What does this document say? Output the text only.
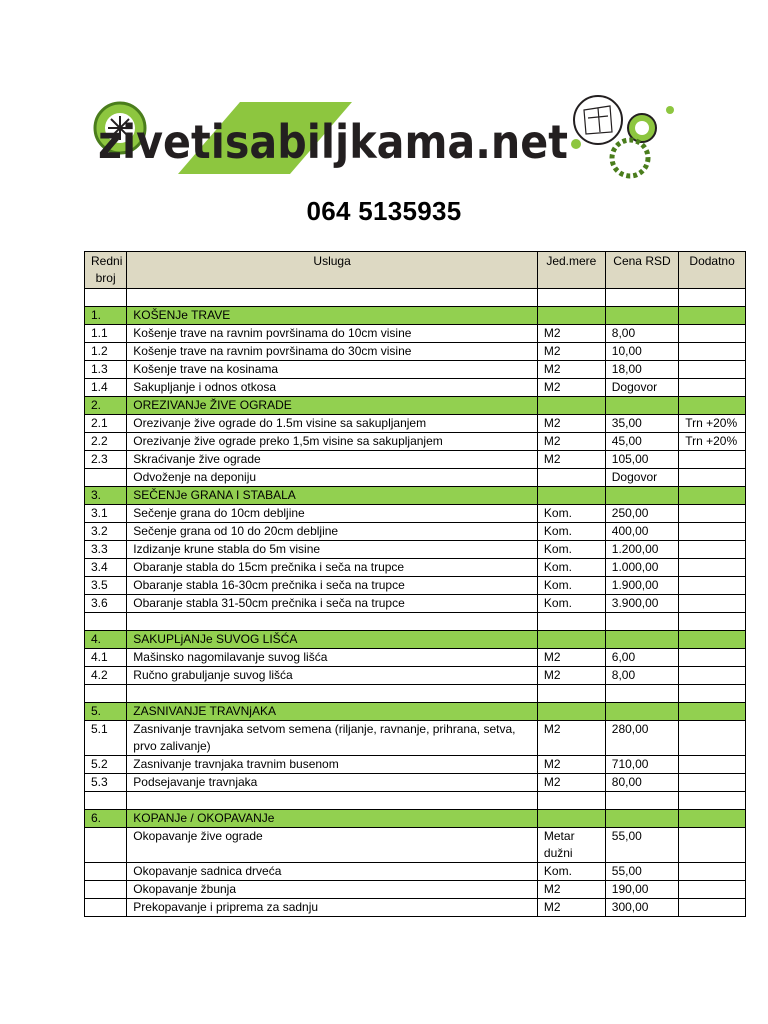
zivetisabiljkama.net
064 5135935
Redni broj	Usluga	Jed.mere	Cena RSD	Dodatno

1.	KOŠENJe TRAVE			
1.1	Košenje trave na ravnim površinama do 10cm visine	M2	8,00	
1.2	Košenje trave na ravnim površinama do 30cm visine	M2	10,00	
1.3	Košenje trave na kosinama	M2	18,00	
1.4	Sakupljanje i odnos otkosa	M2	Dogovor	
2.	OREZIVANJe ŽIVE OGRADE			
2.1	Orezivanje žive ograde do 1.5m visine sa sakupljanjem	M2	35,00	Trn +20%
2.2	Orezivanje žive ograde preko 1,5m visine sa sakupljanjem	M2	45,00	Trn +20%
2.3	Skraćivanje žive ograde	M2	105,00	
	Odvoženje na deponiju		Dogovor	
3.	SEČENJe GRANA I STABALA			
3.1	Sečenje grana do 10cm debljine	Kom.	250,00	
3.2	Sečenje grana od 10 do 20cm debljine	Kom.	400,00	
3.3	Izdizanje krune stabla do 5m visine	Kom.	1.200,00	
3.4	Obaranje stabla do 15cm prečnika i seča na trupce	Kom.	1.000,00	
3.5	Obaranje stabla 16-30cm prečnika i seča na trupce	Kom.	1.900,00	
3.6	Obaranje stabla 31-50cm prečnika i seča na trupce	Kom.	3.900,00	

4.	SAKUPLjANJe SUVOG LIŠĆA			
4.1	Mašinsko nagomilavanje suvog lišća	M2	6,00	
4.2	Ručno grabuljanje suvog lišća	M2	8,00	

5.	ZASNIVANJE TRAVNjAKA			
5.1	Zasnivanje travnjaka setvom semena (riljanje, ravnanje, prihrana, setva, prvo zalivanje)	M2	280,00	
5.2	Zasnivanje travnjaka travnim busenom	M2	710,00	
5.3	Podsejavanje travnjaka	M2	80,00	

6.	KOPANJe / OKOPAVANJe			
	Okopavanje žive ograde	Metar dužni	55,00	
	Okopavanje sadnica drveća	Kom.	55,00	
	Okopavanje žbunja	M2	190,00	
	Prekopavanje i priprema za sadnju	M2	300,00	
